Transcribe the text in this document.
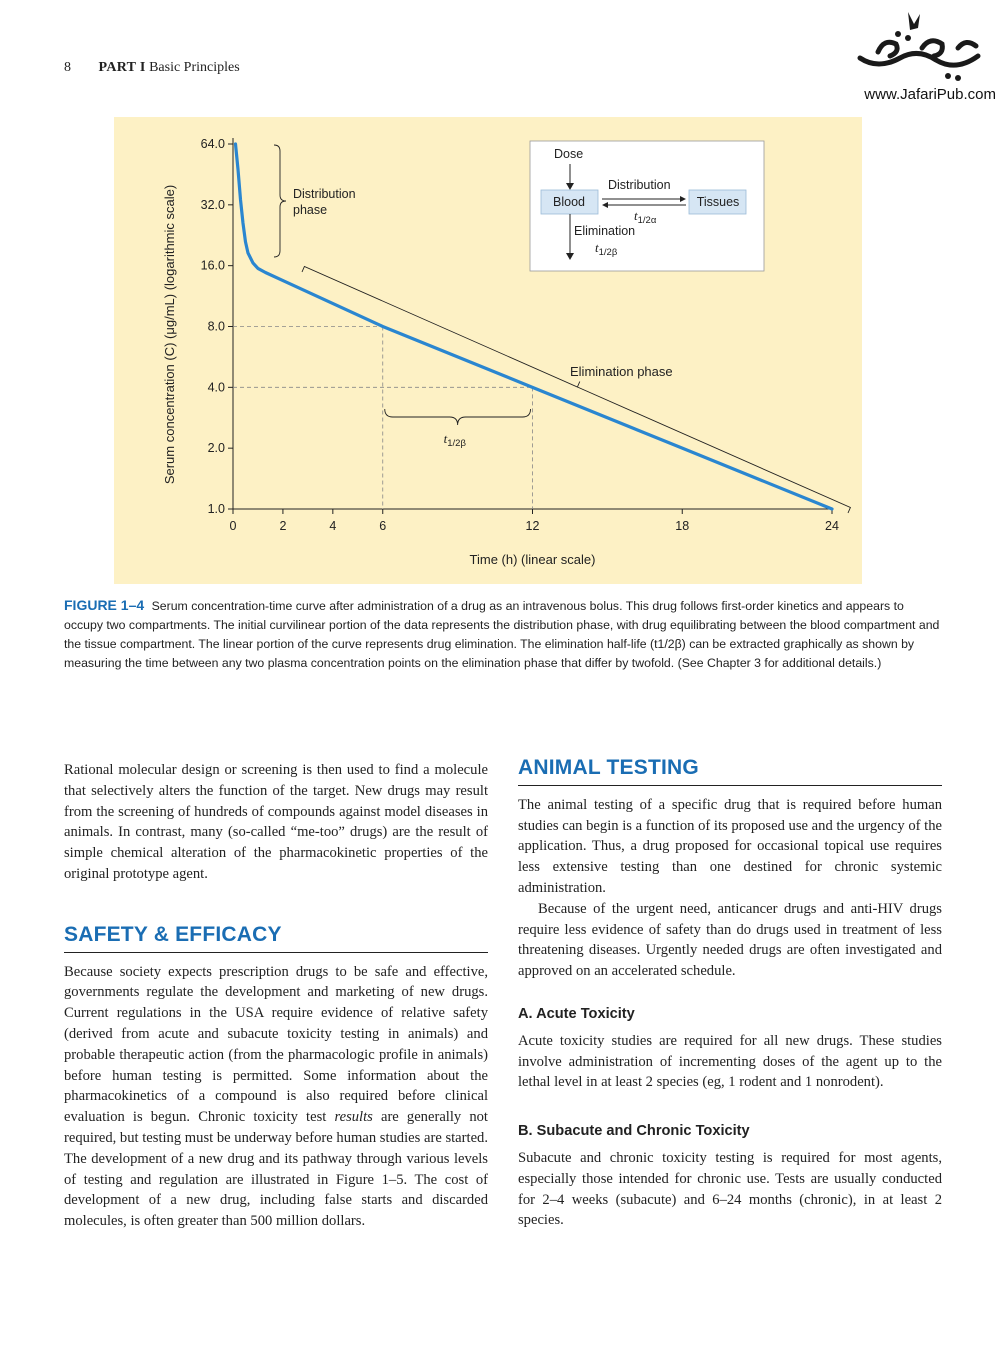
8 PART I Basic Principles
www.JafariPub.com
64.0
32.0
16.0
8.0
4.0
2.0
1.0
0	2	4	6	12	18	24
Time (h) (linear scale)
Serum concentration (C) (μg/mL) (logarithmic scale)	$t_{1/2\beta}$
Distribution
phase
Elimination phase
Dose
Blood	Tissues
Distribution
$t_{1/2\alpha}$
Elimination
$t_{1/2\beta}$
FIGURE 1–4 Serum concentration-time curve after administration of a drug as an intravenous bolus. This drug follows first-order kinetics and appears to occupy two compartments. The initial curvilinear portion of the data represents the distribution phase, with drug equilibrating between the blood compartment and the tissue compartment. The linear portion of the curve represents drug elimination. The elimination half-life (t1/2β) can be extracted graphically as shown by measuring the time between any two plasma concentration points on the elimination phase that differ by twofold. (See Chapter 3 for additional details.)

Rational molecular design or screening is then used to find a molecule that selectively alters the function of the target. New drugs may result from the screening of hundreds of compounds against model diseases in animals. In contrast, many (so-called “me-too” drugs) are the result of simple chemical alteration of the pharmacokinetic properties of the original prototype agent.

SAFETY & EFFICACY

Because society expects prescription drugs to be safe and effective, governments regulate the development and marketing of new drugs. Current regulations in the USA require evidence of relative safety (derived from acute and subacute toxicity testing in animals) and probable therapeutic action (from the pharmacologic profile in animals) before human testing is permitted. Some information about the pharmacokinetics of a compound is also required before clinical evaluation is begun. Chronic toxicity test results are generally not required, but testing must be underway before human studies are started. The development of a new drug and its pathway through various levels of testing and regulation are illustrated in Figure 1–5. The cost of development of a new drug, including false starts and discarded molecules, is often greater than 500 million dollars.

ANIMAL TESTING

The animal testing of a specific drug that is required before human studies can begin is a function of its proposed use and the urgency of the application. Thus, a drug proposed for occasional topical use requires less extensive testing than one destined for chronic systemic administration.

Because of the urgent need, anticancer drugs and anti-HIV drugs require less evidence of safety than do drugs used in treatment of less threatening diseases. Urgently needed drugs are often investigated and approved on an accelerated schedule.

A. Acute Toxicity

Acute toxicity studies are required for all new drugs. These studies involve administration of incrementing doses of the agent up to the lethal level in at least 2 species (eg, 1 rodent and 1 nonrodent).

B. Subacute and Chronic Toxicity

Subacute and chronic toxicity testing is required for most agents, especially those intended for chronic use. Tests are usually conducted for 2–4 weeks (subacute) and 6–24 months (chronic), in at least 2 species.
